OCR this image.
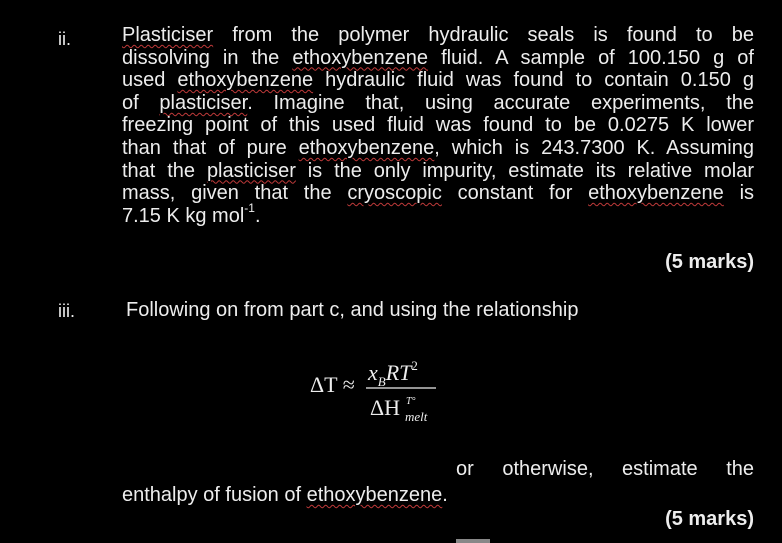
ii.	Plasticiser from the polymer hydraulic seals is found to be
dissolving in the ethoxybenzene fluid. A sample of 100.150 g of
used ethoxybenzene hydraulic fluid was found to contain 0.150 g
of plasticiser. Imagine that, using accurate experiments, the
freezing point of this used fluid was found to be 0.0275 K lower
than that of pure ethoxybenzene, which is 243.7300 K. Assuming
that the plasticiser is the only impurity, estimate its relative molar
mass, given that the cryoscopic constant for ethoxybenzene is
7.15 K kg mol$^{-1}$.
(5 marks)
iii.	Following on from part c, and using the relationship
$\Delta T \approx x_BRT^2$
ΔH T°
melt
or otherwise, estimate the
enthalpy of fusion of ethoxybenzene.
(5 marks)
